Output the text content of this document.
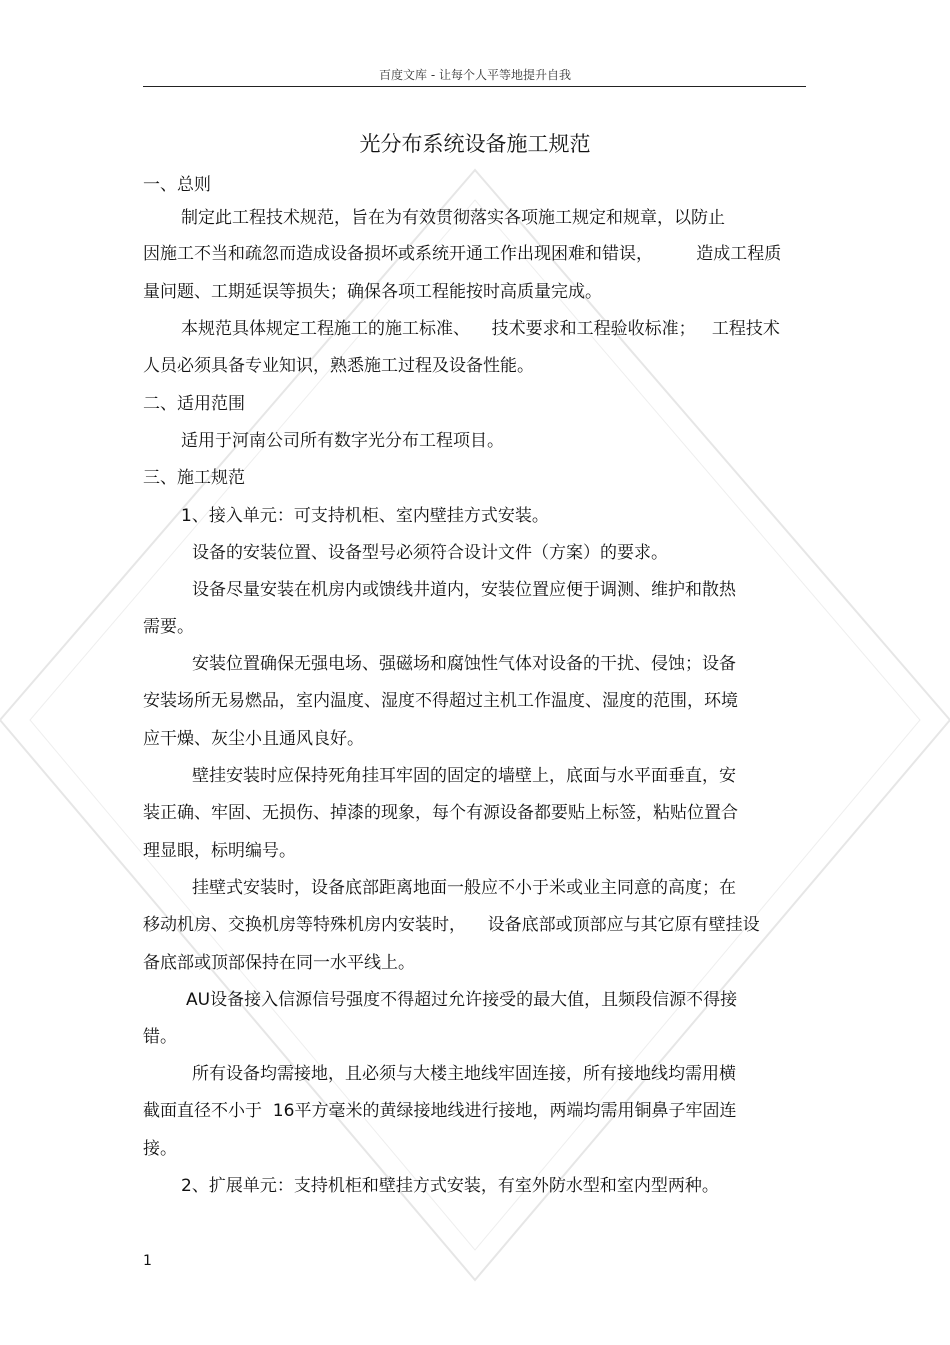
百度文库 - 让每个人平等地提升自我
光分布系统设备施工规范
一、总则
制定此工程技术规范，旨在为有效贯彻落实各项施工规定和规章，以防止
因施工不当和疏忽而造成设备损坏或系统开通工作出现困难和错误，        造成工程质
量问题、工期延误等损失；确保各项工程能按时高质量完成。
本规范具体规定工程施工的施工标准、    技术要求和工程验收标准；   工程技术
人员必须具备专业知识，熟悉施工过程及设备性能。
二、适用范围
适用于河南公司所有数字光分布工程项目。
三、施工规范
1、接入单元：可支持机柜、室内壁挂方式安装。
设备的安装位置、设备型号必须符合设计文件（方案）的要求。
设备尽量安装在机房内或馈线井道内，安装位置应便于调测、维护和散热
需要。
安装位置确保无强电场、强磁场和腐蚀性气体对设备的干扰、侵蚀；设备
安装场所无易燃品，室内温度、湿度不得超过主机工作温度、湿度的范围，环境
应干燥、灰尘小且通风良好。
壁挂安装时应保持死角挂耳牢固的固定的墙壁上，底面与水平面垂直，安
装正确、牢固、无损伤、掉漆的现象，每个有源设备都要贴上标签，粘贴位置合
理显眼，标明编号。
挂壁式安装时，设备底部距离地面一般应不小于米或业主同意的高度；在
移动机房、交换机房等特殊机房内安装时，    设备底部或顶部应与其它原有壁挂设
备底部或顶部保持在同一水平线上。
AU设备接入信源信号强度不得超过允许接受的最大值，且频段信源不得接
错。
所有设备均需接地，且必须与大楼主地线牢固连接，所有接地线均需用横
截面直径不小于  16平方毫米的黄绿接地线进行接地，两端均需用铜鼻子牢固连
接。
2、扩展单元：支持机柜和壁挂方式安装，有室外防水型和室内型两种。
1
